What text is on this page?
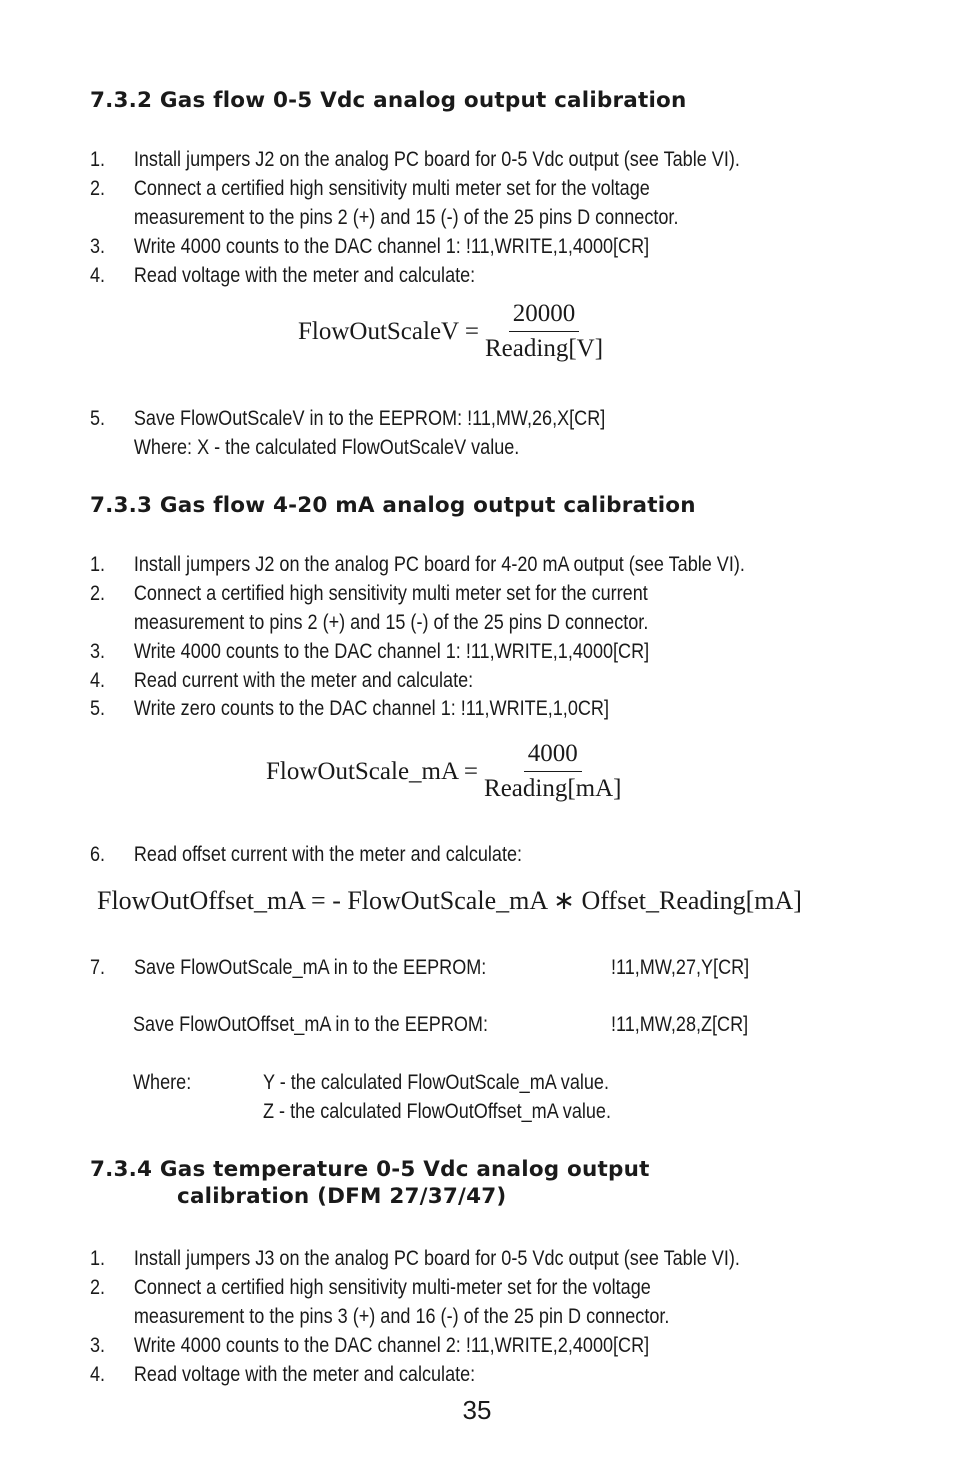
7.3.2 Gas flow 0-5 Vdc analog output calibration
1. Install jumpers J2 on the analog PC board for 0-5 Vdc output (see Table VI).
2. Connect a certified high sensitivity multi meter set for the voltage
measurement to the pins 2 (+) and 15 (-) of the 25 pins D connector.
3. Write 4000 counts to the DAC channel 1: !11,WRITE,1,4000[CR]
4. Read voltage with the meter and calculate:
FlowOutScaleV = $\frac{20000}{\text{Reading[V]}}$
5. Save FlowOutScaleV in to the EEPROM: !11,MW,26,X[CR]
Where: X - the calculated FlowOutScaleV value.
7.3.3 Gas flow 4-20 mA analog output calibration
1. Install jumpers J2 on the analog PC board for 4-20 mA output (see Table VI).
2. Connect a certified high sensitivity multi meter set for the current
measurement to pins 2 (+) and 15 (-) of the 25 pins D connector.
3. Write 4000 counts to the DAC channel 1: !11,WRITE,1,4000[CR]
4. Read current with the meter and calculate:
5. Write zero counts to the DAC channel 1: !11,WRITE,1,0CR]
FlowOutScale_mA = $\frac{4000}{\text{Reading[mA]}}$
6. Read offset current with the meter and calculate:
FlowOutOffset_mA = - FlowOutScale_mA ∗ Offset_Reading[mA]
7. Save FlowOutScale_mA in to the EEPROM:	!11,MW,27,Y[CR]
Save FlowOutOffset_mA in to the EEPROM:	!11,MW,28,Z[CR]
Where:	Y - the calculated FlowOutScale_mA value.
Z - the calculated FlowOutOffset_mA value.
7.3.4 Gas temperature 0-5 Vdc analog output
calibration (DFM 27/37/47)
1. Install jumpers J3 on the analog PC board for 0-5 Vdc output (see Table VI).
2. Connect a certified high sensitivity multi-meter set for the voltage
measurement to the pins 3 (+) and 16 (-) of the 25 pin D connector.
3. Write 4000 counts to the DAC channel 2: !11,WRITE,2,4000[CR]
4. Read voltage with the meter and calculate:
35
